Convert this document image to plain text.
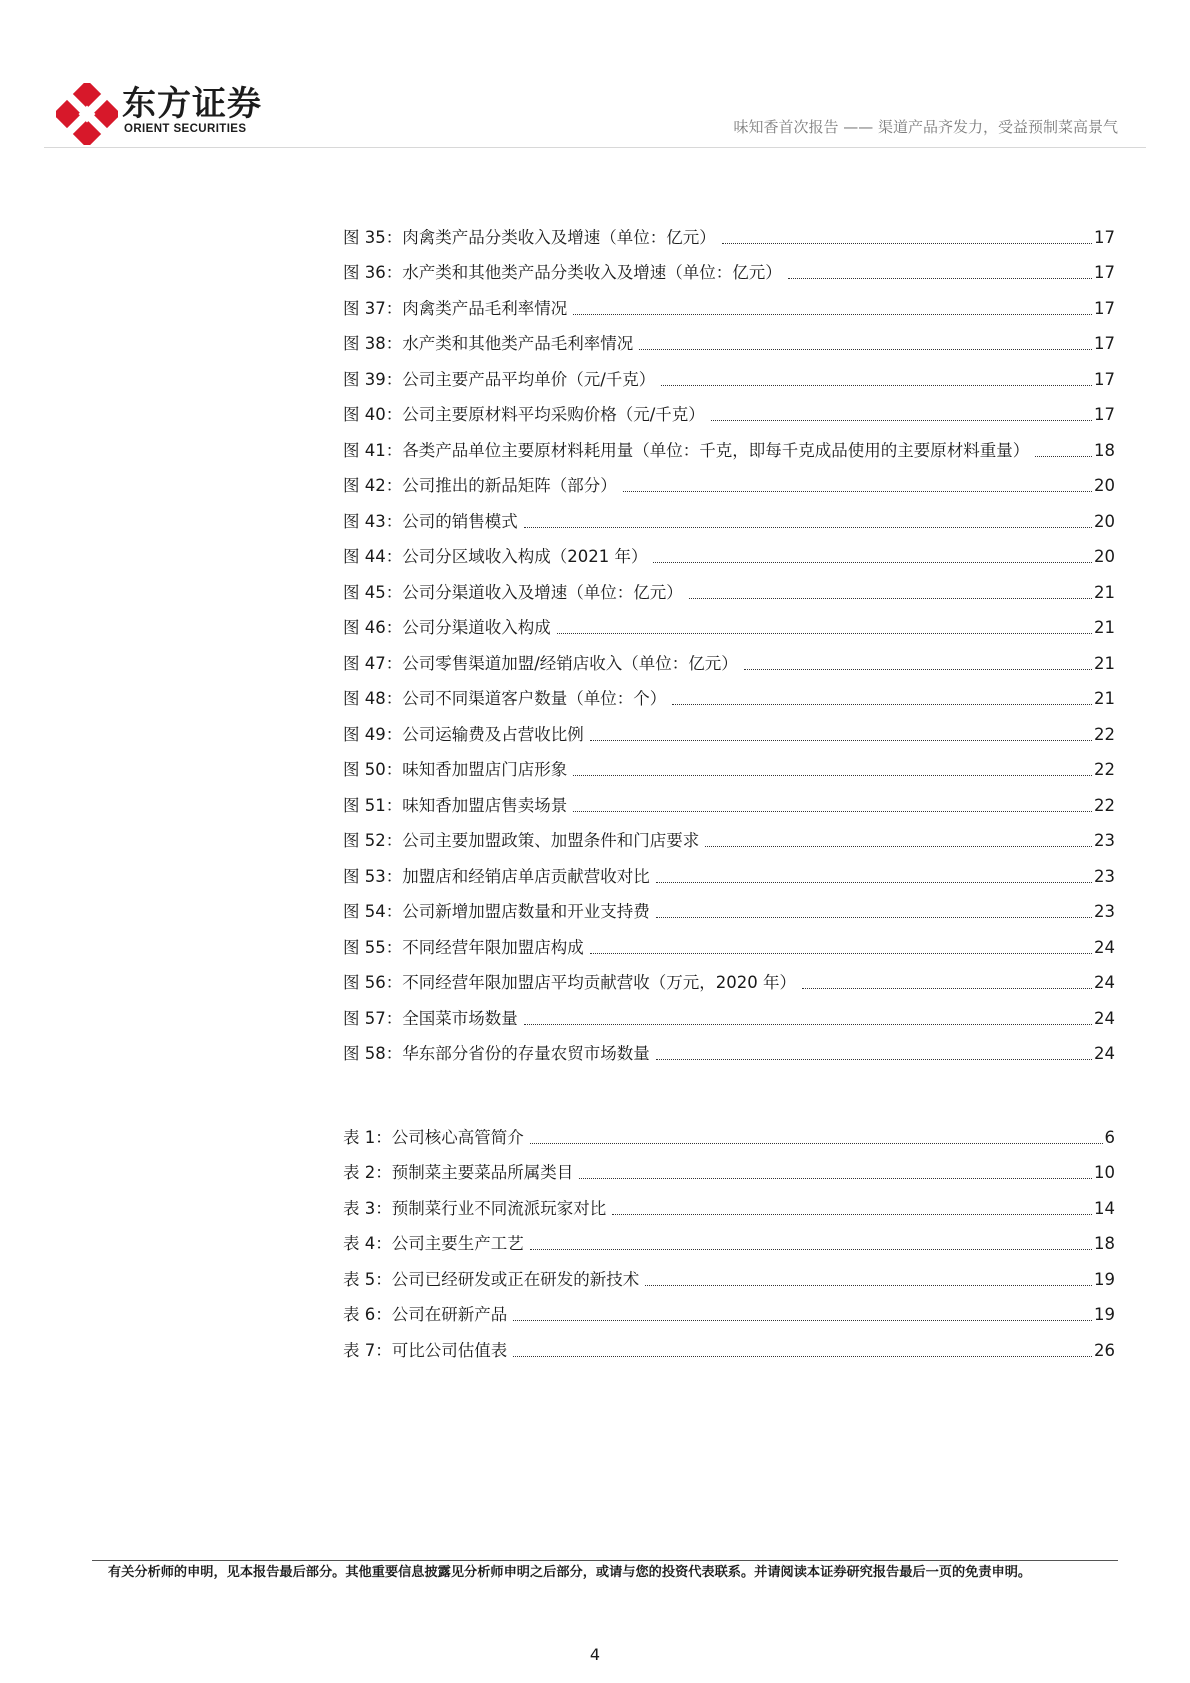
东方证券
ORIENT SECURITIES	味知香首次报告 —— 渠道产品齐发力，受益预制菜高景气
图 35：肉禽类产品分类收入及增速（单位：亿元）	17
图 36：水产类和其他类产品分类收入及增速（单位：亿元）	17
图 37：肉禽类产品毛利率情况	17
图 38：水产类和其他类产品毛利率情况	17
图 39：公司主要产品平均单价（元/千克）	17
图 40：公司主要原材料平均采购价格（元/千克）	17
图 41：各类产品单位主要原材料耗用量（单位：千克，即每千克成品使用的主要原材料重量）	18
图 42：公司推出的新品矩阵（部分）	20
图 43：公司的销售模式	20
图 44：公司分区域收入构成（2021 年）	20
图 45：公司分渠道收入及增速（单位：亿元）	21
图 46：公司分渠道收入构成	21
图 47：公司零售渠道加盟/经销店收入（单位：亿元）	21
图 48：公司不同渠道客户数量（单位：个）	21
图 49：公司运输费及占营收比例	22
图 50：味知香加盟店门店形象	22
图 51：味知香加盟店售卖场景	22
图 52：公司主要加盟政策、加盟条件和门店要求	23
图 53：加盟店和经销店单店贡献营收对比	23
图 54：公司新增加盟店数量和开业支持费	23
图 55：不同经营年限加盟店构成	24
图 56：不同经营年限加盟店平均贡献营收（万元，2020 年）	24
图 57：全国菜市场数量	24
图 58：华东部分省份的存量农贸市场数量	24
表 1：公司核心高管简介	6
表 2：预制菜主要菜品所属类目	10
表 3：预制菜行业不同流派玩家对比	14
表 4：公司主要生产工艺	18
表 5：公司已经研发或正在研发的新技术	19
表 6：公司在研新产品	19
表 7：可比公司估值表	26
有关分析师的申明，见本报告最后部分。其他重要信息披露见分析师申明之后部分，或请与您的投资代表联系。并请阅读本证券研究报告最后一页的免责申明。
4
